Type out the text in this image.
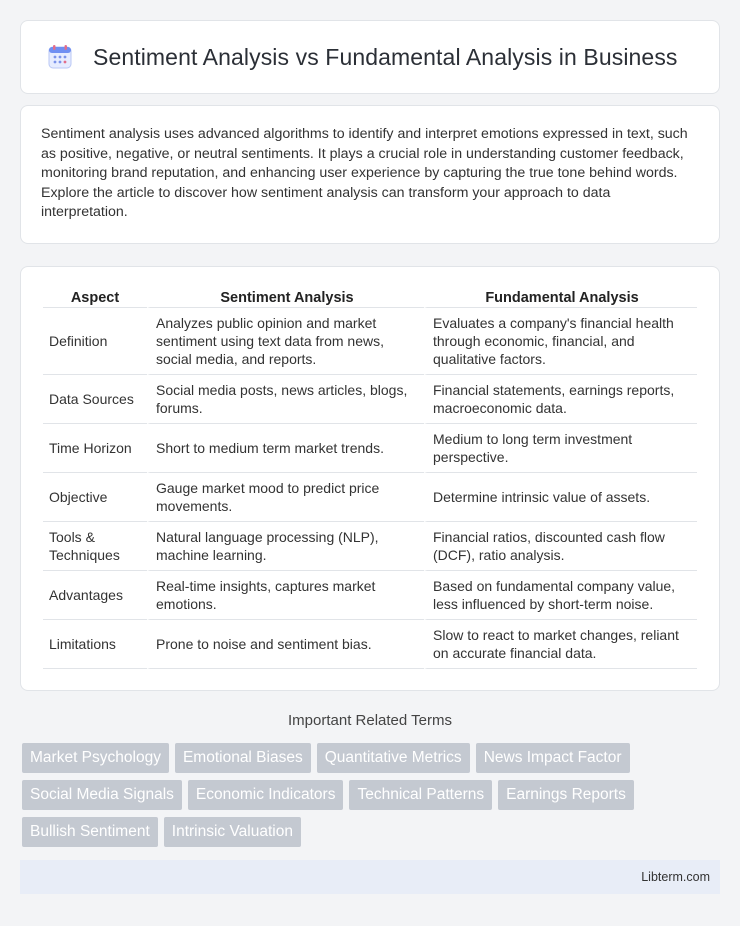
Sentiment Analysis vs Fundamental Analysis in Business

Sentiment analysis uses advanced algorithms to identify and interpret emotions expressed in text, such as positive, negative, or neutral sentiments. It plays a crucial role in understanding customer feedback, monitoring brand reputation, and enhancing user experience by capturing the true tone behind words. Explore the article to discover how sentiment analysis can transform your approach to data interpretation.

Aspect	Sentiment Analysis	Fundamental Analysis
Definition	Analyzes public opinion and market sentiment using text data from news, social media, and reports.	Evaluates a company's financial health through economic, financial, and qualitative factors.
Data Sources	Social media posts, news articles, blogs, forums.	Financial statements, earnings reports, macroeconomic data.
Time Horizon	Short to medium term market trends.	Medium to long term investment perspective.
Objective	Gauge market mood to predict price movements.	Determine intrinsic value of assets.
Tools & Techniques	Natural language processing (NLP), machine learning.	Financial ratios, discounted cash flow (DCF), ratio analysis.
Advantages	Real-time insights, captures market emotions.	Based on fundamental company value, less influenced by short-term noise.
Limitations	Prone to noise and sentiment bias.	Slow to react to market changes, reliant on accurate financial data.
Important Related Terms
Market Psychology	Emotional Biases	Quantitative Metrics	News Impact Factor
Social Media Signals	Economic Indicators	Technical Patterns	Earnings Reports
Bullish Sentiment	Intrinsic Valuation
Libterm.com
